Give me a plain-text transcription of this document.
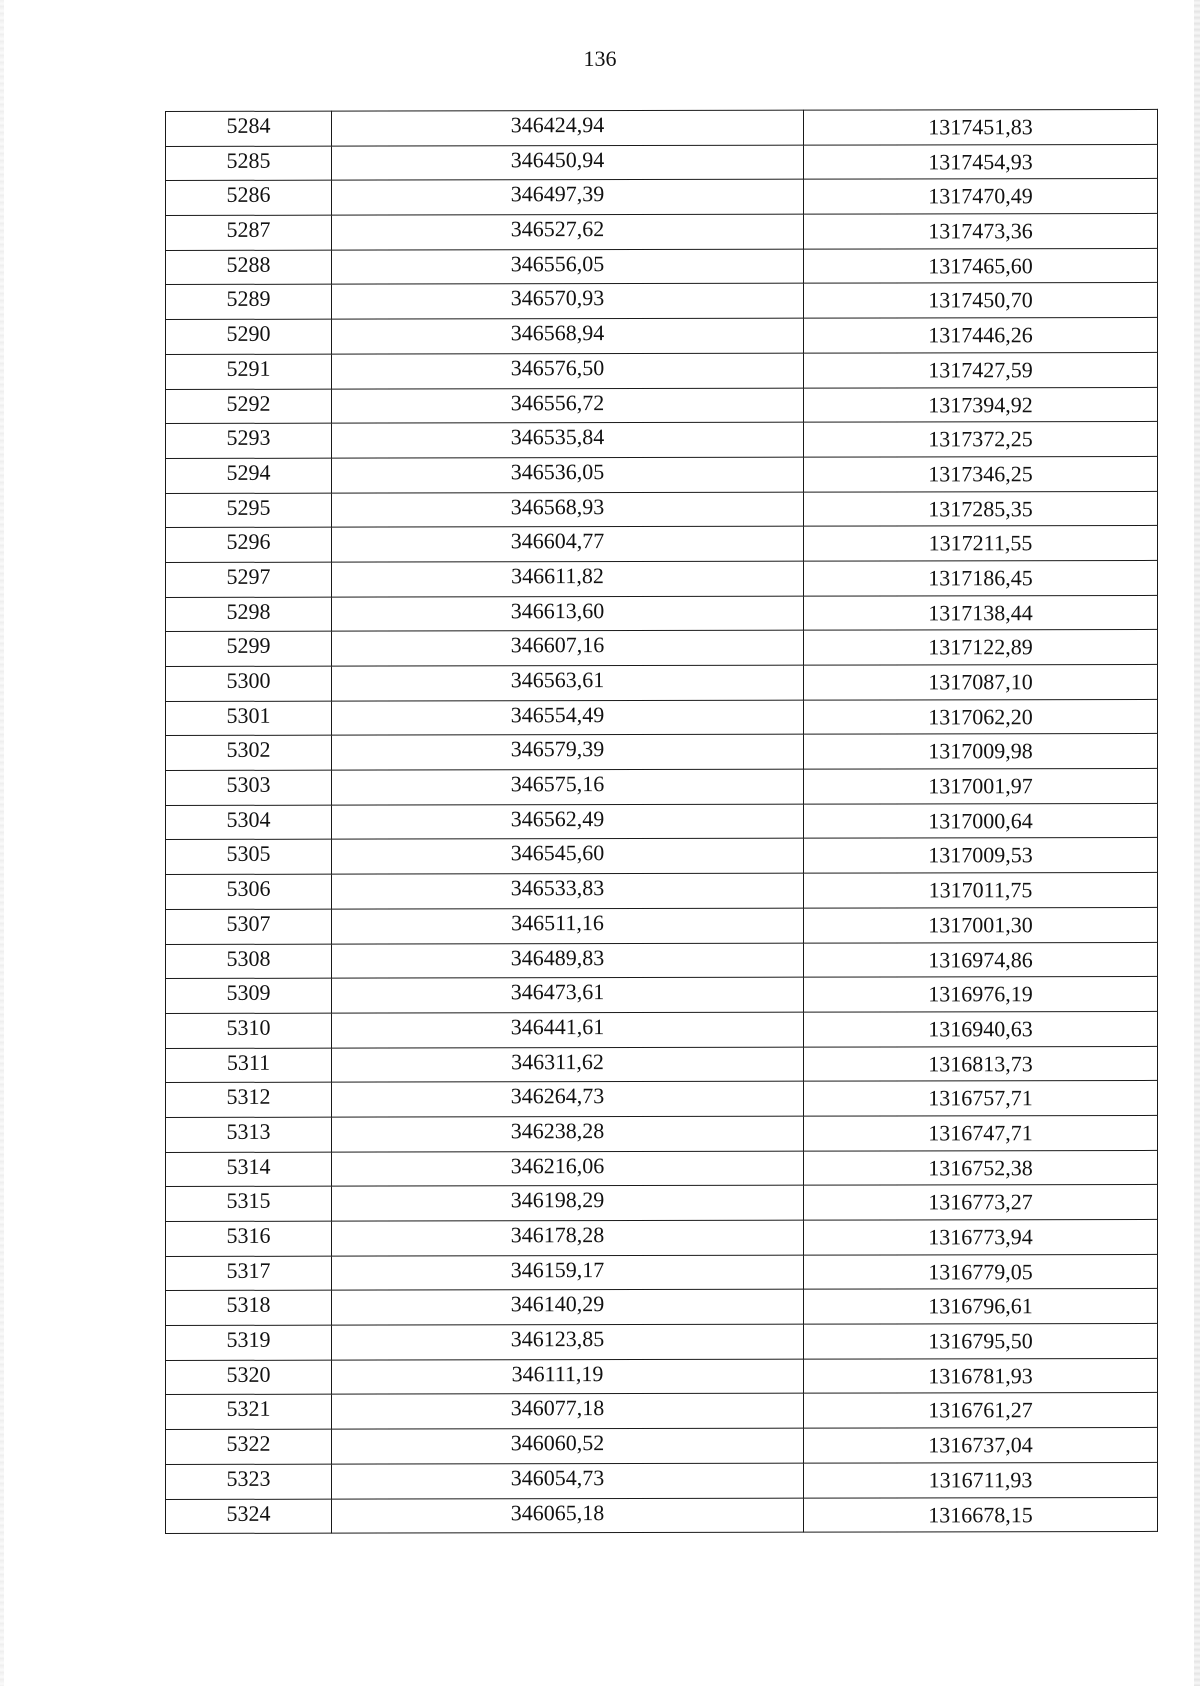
136
5284	346424,94	1317451,83
5285	346450,94	1317454,93
5286	346497,39	1317470,49
5287	346527,62	1317473,36
5288	346556,05	1317465,60
5289	346570,93	1317450,70
5290	346568,94	1317446,26
5291	346576,50	1317427,59
5292	346556,72	1317394,92
5293	346535,84	1317372,25
5294	346536,05	1317346,25
5295	346568,93	1317285,35
5296	346604,77	1317211,55
5297	346611,82	1317186,45
5298	346613,60	1317138,44
5299	346607,16	1317122,89
5300	346563,61	1317087,10
5301	346554,49	1317062,20
5302	346579,39	1317009,98
5303	346575,16	1317001,97
5304	346562,49	1317000,64
5305	346545,60	1317009,53
5306	346533,83	1317011,75
5307	346511,16	1317001,30
5308	346489,83	1316974,86
5309	346473,61	1316976,19
5310	346441,61	1316940,63
5311	346311,62	1316813,73
5312	346264,73	1316757,71
5313	346238,28	1316747,71
5314	346216,06	1316752,38
5315	346198,29	1316773,27
5316	346178,28	1316773,94
5317	346159,17	1316779,05
5318	346140,29	1316796,61
5319	346123,85	1316795,50
5320	346111,19	1316781,93
5321	346077,18	1316761,27
5322	346060,52	1316737,04
5323	346054,73	1316711,93
5324	346065,18	1316678,15
